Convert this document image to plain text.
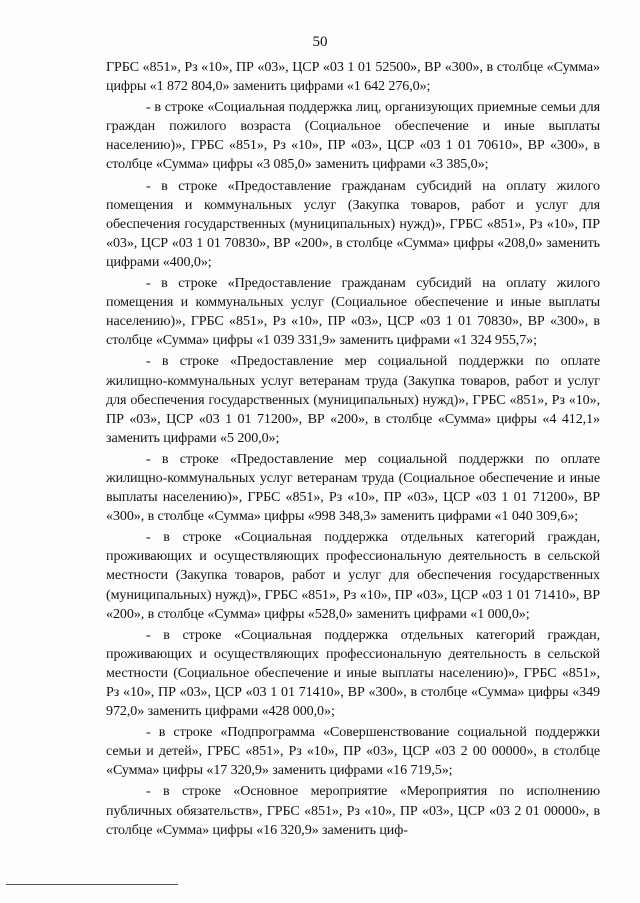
50

ГРБС «851», Рз «10», ПР «03», ЦСР «03 1 01 52500», ВР «300», в столбце «Сумма» цифры «1 872 804,0» заменить цифрами «1 642 276,0»;

- в строке «Социальная поддержка лиц, организующих приемные семьи для граждан пожилого возраста (Социальное обеспечение и иные выплаты населению)», ГРБС «851», Рз «10», ПР «03», ЦСР «03 1 01 70610», ВР «300», в столбце «Сумма» цифры «3 085,0» заменить цифрами «3 385,0»;

- в строке «Предоставление гражданам субсидий на оплату жилого помещения и коммунальных услуг (Закупка товаров, работ и услуг для обеспечения государственных (муниципальных) нужд)», ГРБС «851», Рз «10», ПР «03», ЦСР «03 1 01 70830», ВР «200», в столбце «Сумма» цифры «208,0» заменить цифрами «400,0»;

- в строке «Предоставление гражданам субсидий на оплату жилого помещения и коммунальных услуг (Социальное обеспечение и иные выплаты населению)», ГРБС «851», Рз «10», ПР «03», ЦСР «03 1 01 70830», ВР «300», в столбце «Сумма» цифры «1 039 331,9» заменить цифрами «1 324 955,7»;

- в строке «Предоставление мер социальной поддержки по оплате жилищно-коммунальных услуг ветеранам труда (Закупка товаров, работ и услуг для обеспечения государственных (муниципальных) нужд)», ГРБС «851», Рз «10», ПР «03», ЦСР «03 1 01 71200», ВР «200», в столбце «Сумма» цифры «4 412,1» заменить цифрами «5 200,0»;

- в строке «Предоставление мер социальной поддержки по оплате жилищно-коммунальных услуг ветеранам труда (Социальное обеспечение и иные выплаты населению)», ГРБС «851», Рз «10», ПР «03», ЦСР «03 1 01 71200», ВР «300», в столбце «Сумма» цифры «998 348,3» заменить цифрами «1 040 309,6»;

- в строке «Социальная поддержка отдельных категорий граждан, проживающих и осуществляющих профессиональную деятельность в сельской местности (Закупка товаров, работ и услуг для обеспечения государственных (муниципальных) нужд)», ГРБС «851», Рз «10», ПР «03», ЦСР «03 1 01 71410», ВР «200», в столбце «Сумма» цифры «528,0» заменить цифрами «1 000,0»;

- в строке «Социальная поддержка отдельных категорий граждан, проживающих и осуществляющих профессиональную деятельность в сельской местности (Социальное обеспечение и иные выплаты населению)», ГРБС «851», Рз «10», ПР «03», ЦСР «03 1 01 71410», ВР «300», в столбце «Сумма» цифры «349 972,0» заменить цифрами «428 000,0»;

- в строке «Подпрограмма «Совершенствование социальной поддержки семьи и детей», ГРБС «851», Рз «10», ПР «03», ЦСР «03 2 00 00000», в столбце «Сумма» цифры «17 320,9» заменить цифрами «16 719,5»;

- в строке «Основное мероприятие «Мероприятия по исполнению публичных обязательств», ГРБС «851», Рз «10», ПР «03», ЦСР «03 2 01 00000», в столбце «Сумма» цифры «16 320,9» заменить циф-
